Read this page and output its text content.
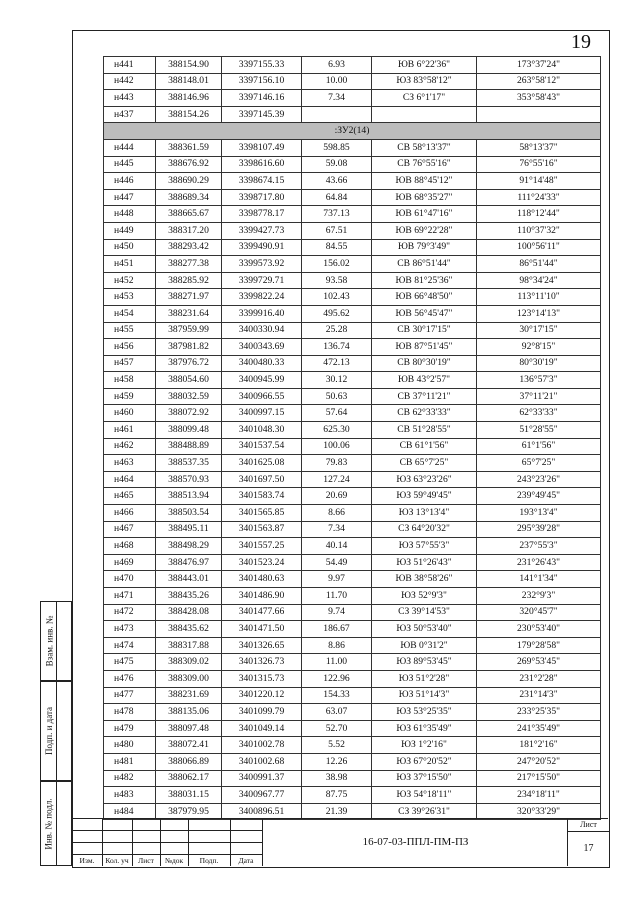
19
н441	388154.90	3397155.33	6.93	ЮВ 6°22'36"	173°37'24"
н442	388148.01	3397156.10	10.00	ЮЗ 83°58'12"	263°58'12"
н443	388146.96	3397146.16	7.34	СЗ 6°1'17"	353°58'43"
н437	388154.26	3397145.39			
:ЗУ2(14)					
н444	388361.59	3398107.49	598.85	СВ 58°13'37"	58°13'37"
н445	388676.92	3398616.60	59.08	СВ 76°55'16"	76°55'16"
н446	388690.29	3398674.15	43.66	ЮВ 88°45'12"	91°14'48"
н447	388689.34	3398717.80	64.84	ЮВ 68°35'27"	111°24'33"
н448	388665.67	3398778.17	737.13	ЮВ 61°47'16"	118°12'44"
н449	388317.20	3399427.73	67.51	ЮВ 69°22'28"	110°37'32"
н450	388293.42	3399490.91	84.55	ЮВ 79°3'49"	100°56'11"
н451	388277.38	3399573.92	156.02	СВ 86°51'44"	86°51'44"
н452	388285.92	3399729.71	93.58	ЮВ 81°25'36"	98°34'24"
н453	388271.97	3399822.24	102.43	ЮВ 66°48'50"	113°11'10"
н454	388231.64	3399916.40	495.62	ЮВ 56°45'47"	123°14'13"
н455	387959.99	3400330.94	25.28	СВ 30°17'15"	30°17'15"
н456	387981.82	3400343.69	136.74	ЮВ 87°51'45"	92°8'15"
н457	387976.72	3400480.33	472.13	СВ 80°30'19"	80°30'19"
н458	388054.60	3400945.99	30.12	ЮВ 43°2'57"	136°57'3"
н459	388032.59	3400966.55	50.63	СВ 37°11'21"	37°11'21"
н460	388072.92	3400997.15	57.64	СВ 62°33'33"	62°33'33"
н461	388099.48	3401048.30	625.30	СВ 51°28'55"	51°28'55"
н462	388488.89	3401537.54	100.06	СВ 61°1'56"	61°1'56"
н463	388537.35	3401625.08	79.83	СВ 65°7'25"	65°7'25"
н464	388570.93	3401697.50	127.24	ЮЗ 63°23'26"	243°23'26"
н465	388513.94	3401583.74	20.69	ЮЗ 59°49'45"	239°49'45"
н466	388503.54	3401565.85	8.66	ЮЗ 13°13'4"	193°13'4"
н467	388495.11	3401563.87	7.34	СЗ 64°20'32"	295°39'28"
н468	388498.29	3401557.25	40.14	ЮЗ 57°55'3"	237°55'3"
н469	388476.97	3401523.24	54.49	ЮЗ 51°26'43"	231°26'43"
н470	388443.01	3401480.63	9.97	ЮВ 38°58'26"	141°1'34"
н471	388435.26	3401486.90	11.70	ЮЗ 52°9'3"	232°9'3"
н472	388428.08	3401477.66	9.74	СЗ 39°14'53"	320°45'7"
н473	388435.62	3401471.50	186.67	ЮЗ 50°53'40"	230°53'40"
н474	388317.88	3401326.65	8.86	ЮВ 0°31'2"	179°28'58"
н475	388309.02	3401326.73	11.00	ЮЗ 89°53'45"	269°53'45"
н476	388309.00	3401315.73	122.96	ЮЗ 51°2'28"	231°2'28"
н477	388231.69	3401220.12	154.33	ЮЗ 51°14'3"	231°14'3"
н478	388135.06	3401099.79	63.07	ЮЗ 53°25'35"	233°25'35"
н479	388097.48	3401049.14	52.70	ЮЗ 61°35'49"	241°35'49"
н480	388072.41	3401002.78	5.52	ЮЗ 1°2'16"	181°2'16"
н481	388066.89	3401002.68	12.26	ЮЗ 67°20'52"	247°20'52"
н482	388062.17	3400991.37	38.98	ЮЗ 37°15'50"	217°15'50"
н483	388031.15	3400967.77	87.75	ЮЗ 54°18'11"	234°18'11"
н484	387979.95	3400896.51	21.39	СЗ 39°26'31"	320°33'29"
Взам. инв. №
Подп. и дата
Инв. № подл.
Изм.	Кол. уч	Лист	№док	Подп.	Дата
16-07-03-ППЛ-ПМ-ПЗ
Лист
17
